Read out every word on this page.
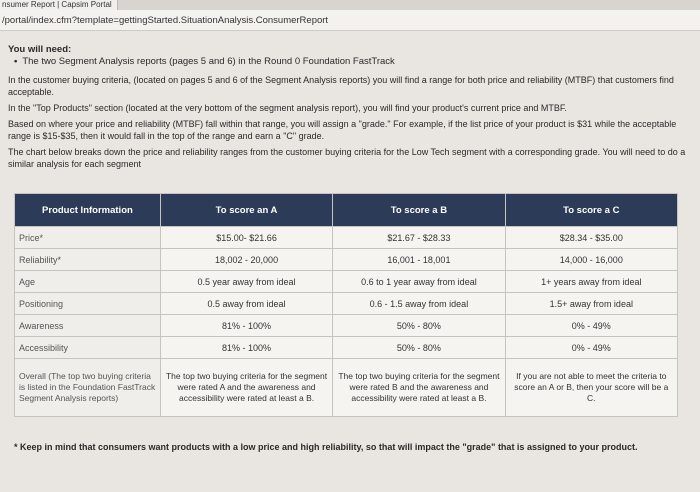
nsumer Report | Capsim Portal
/portal/index.cfm?template=gettingStarted.SituationAnalysis.ConsumerReport

You will need:

• The two Segment Analysis reports (pages 5 and 6) in the Round 0 Foundation FastTrack

In the customer buying criteria, (located on pages 5 and 6 of the Segment Analysis reports) you will find a range for both price and reliability (MTBF) that customers find acceptable.

In the "Top Products" section (located at the very bottom of the segment analysis report), you will find your product's current price and MTBF.

Based on where your price and reliability (MTBF) fall within that range, you will assign a "grade." For example, if the list price of your product is $31 while the acceptable range is $15-$35, then it would fall in the top of the range and earn a "C" grade.

The chart below breaks down the price and reliability ranges from the customer buying criteria for the Low Tech segment with a corresponding grade. You will need to do a similar analysis for each segment

Product Information	To score an A	To score a B	To score a C
Price*	$15.00- $21.66	$21.67 - $28.33	$28.34 - $35.00
Reliability*	18,002 - 20,000	16,001 - 18,001	14,000 - 16,000
Age	0.5 year away from ideal	0.6 to 1 year away from ideal	1+ years away from ideal
Positioning	0.5 away from ideal	0.6 - 1.5 away from ideal	1.5+ away from ideal
Awareness	81% - 100%	50% - 80%	0% - 49%
Accessibility	81% - 100%	50% - 80%	0% - 49%
Overall (The top two buying criteria is listed in the Foundation FastTrack Segment Analysis reports)	The top two buying criteria for the segment were rated A and the awareness and accessibility were rated at least a B.	The top two buying criteria for the segment were rated B and the awareness and accessibility were rated at least a B.	If you are not able to meet the criteria to score an A or B, then your score will be a C.
* Keep in mind that consumers want products with a low price and high reliability, so that will impact the "grade" that is assigned to your product.
